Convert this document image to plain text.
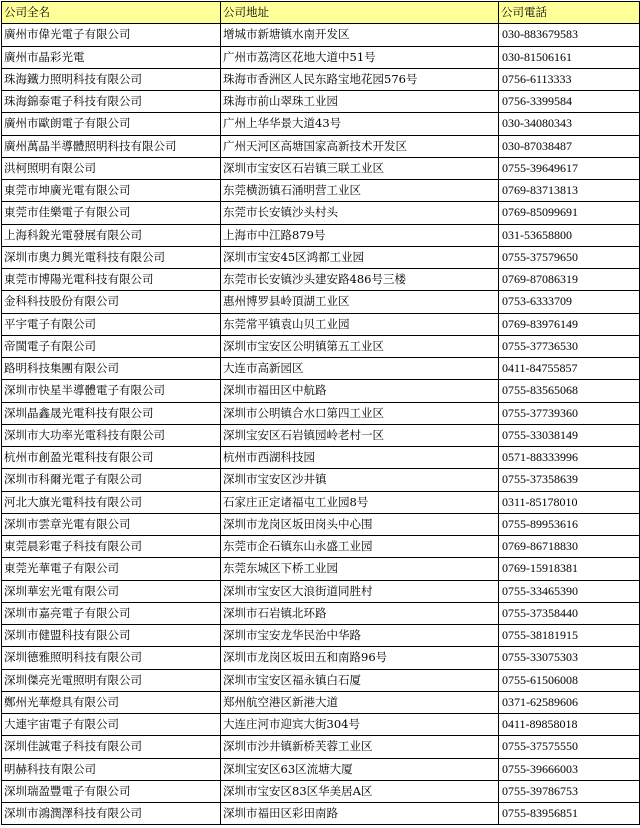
公司全名	公司地址	公司電話
廣州市偉光電子有限公司	增城市新塘镇水南开发区	030-883679583
廣州市晶彩光電	广州市荔湾区花地大道中51号	030-81506161
珠海鐵力照明科技有限公司	珠海市香洲区人民东路宝地花园576号	0756-6113333
珠海錦泰電子科技有限公司	珠海市前山翠珠工业园	0756-3399584
廣州市歐朗電子有限公司	广州上华华景大道43号	030-34080343
廣州萬晶半導體照明科技有限公司	广州天河区高塘国家高新技术开发区	030-87038487
洪柯照明有限公司	深圳市宝安区石岩镇三联工业区	0755-39649617
東莞市坤廣光電有限公司	东莞横沥镇石涌明营工业区	0769-83713813
東莞市佳樂電子有限公司	东莞市长安镇沙头村头	0769-85099691
上海科銳光電發展有限公司	上海市中江路879号	031-53658800
深圳市奧力興光電科技有限公司	深圳市宝安45区鸿都工业园	0755-37579650
東莞市博陽光電科技有限公司	东莞市长安镇沙头建安路486号三楼	0769-87086319
金科科技股份有限公司	惠州博罗县岭頂湖工业区	0753-6333709
平宇電子有限公司	东莞常平镇袁山贝工业园	0769-83976149
帝閩電子有限公司	深圳市宝安区公明镇第五工业区	0755-37736530
路明科技集團有限公司	大连市高新园区	0411-84755857
深圳市快星半導體電子有限公司	深圳市福田区中航路	0755-83565068
深圳晶鑫晟光電科技有限公司	深圳市公明镇合水口第四工业区	0755-37739360
深圳市大功率光電科技有限公司	深圳宝安区石岩镇园岭老村一区	0755-33038149
杭州市創盈光電科技有限公司	杭州市西湖科技园	0571-88333996
深圳市科爾光電子有限公司	深圳市宝安区沙井镇	0755-37358639
河北大旗光電科技有限公司	石家庄正定诸福屯工业园8号	0311-85178010
深圳市雲章光電有限公司	深圳市龙岗区坂田岗头中心围	0755-89953616
東莞晨彩電子科技有限公司	东莞市企石镇东山永盛工业园	0769-86718830
東莞光華電子有限公司	东莞东城区下桥工业园	0769-15918381
深圳華宏光電有限公司	深圳市宝安区大浪街道同胜村	0755-33465390
深圳市嘉亮電子有限公司	深圳市石岩镇北环路	0755-37358440
深圳市健盟科技有限公司	深圳市宝安龙华民治中华路	0755-38181915
深圳德雅照明科技有限公司	深圳市龙岗区坂田五和南路96号	0755-33075303
深圳傑亮光電照明有限公司	深圳市宝安区福永镇白石厦	0755-61506008
鄭州光華燈具有限公司	郑州航空港区新港大道	0371-62589606
大連宇宙電子有限公司	大连庄河市迎宾大街304号	0411-89858018
深圳佳誠電子科技有限公司	深圳市沙井镇新桥芙蓉工业区	0755-37575550
明赫科技有限公司	深圳宝安区63区流塘大厦	0755-39666003
深圳瑞盈豐電子有限公司	深圳市宝安区83区华美居A区	0755-39786753
深圳市鴻潤澤科技有限公司	深圳市福田区彩田南路	0755-83956851
